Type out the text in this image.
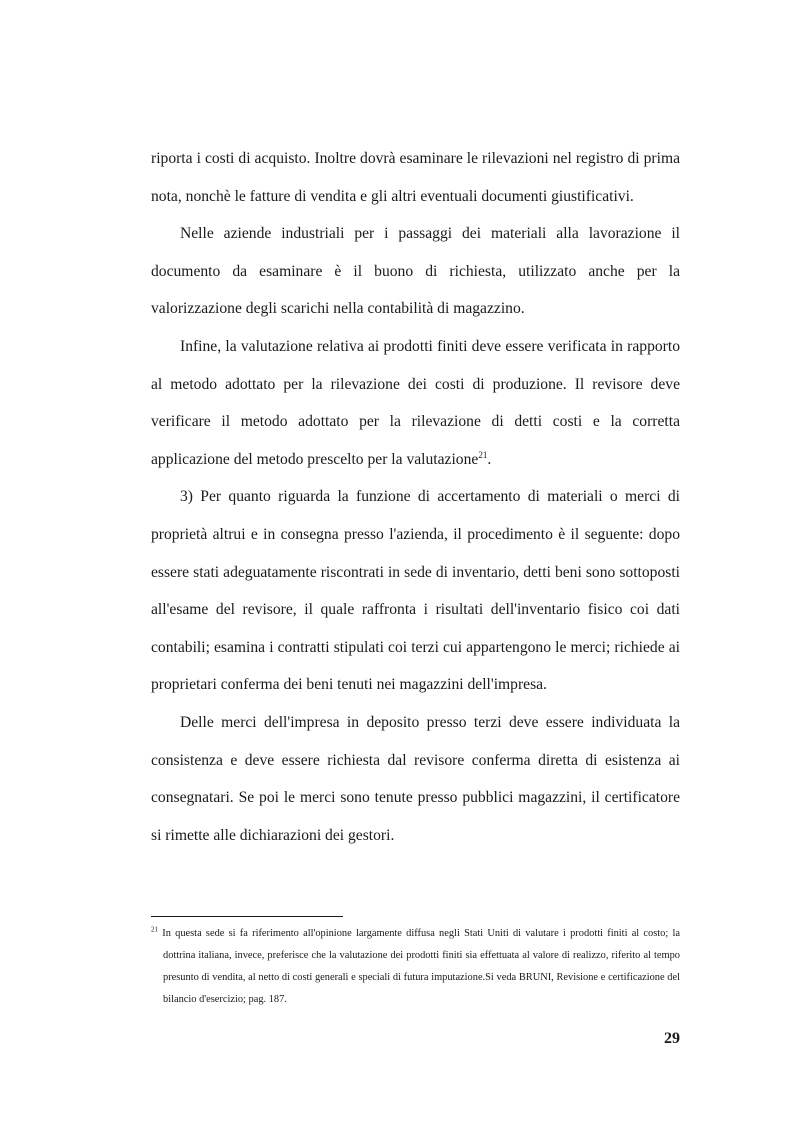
riporta i costi di acquisto. Inoltre dovrà esaminare le rilevazioni nel registro di prima nota, nonchè le fatture di vendita e gli altri eventuali documenti giustificativi.

Nelle aziende industriali per i passaggi dei materiali alla lavorazione il documento da esaminare è il buono di richiesta, utilizzato anche per la valorizzazione degli scarichi nella contabilità di magazzino.

Infine, la valutazione relativa ai prodotti finiti deve essere verificata in rapporto al metodo adottato per la rilevazione dei costi di produzione. Il revisore deve verificare il metodo adottato per la rilevazione di detti costi e la corretta applicazione del metodo prescelto per la valutazione$^{21}$.

3) Per quanto riguarda la funzione di accertamento di materiali o merci di proprietà altrui e in consegna presso l'azienda, il procedimento è il seguente: dopo essere stati adeguatamente riscontrati in sede di inventario, detti beni sono sottoposti all'esame del revisore, il quale raffronta i risultati dell'inventario fisico coi dati contabili; esamina i contratti stipulati coi terzi cui appartengono le merci; richiede ai proprietari conferma dei beni tenuti nei magazzini dell'impresa.

Delle merci dell'impresa in deposito presso terzi deve essere individuata la consistenza e deve essere richiesta dal revisore conferma diretta di esistenza ai consegnatari. Se poi le merci sono tenute presso pubblici magazzini, il certificatore si rimette alle dichiarazioni dei gestori.

$^{21}$ In questa sede si fa riferimento all'opinione largamente diffusa negli Stati Uniti di valutare i prodotti finiti al costo; la dottrina italiana, invece, preferisce che la valutazione dei prodotti finiti sia effettuata al valore di realizzo, riferito al tempo presunto di vendita, al netto di costi generali e speciali di futura imputazione.Si veda BRUNI, Revisione e certificazione del bilancio d'esercizio; pag. 187.

29
